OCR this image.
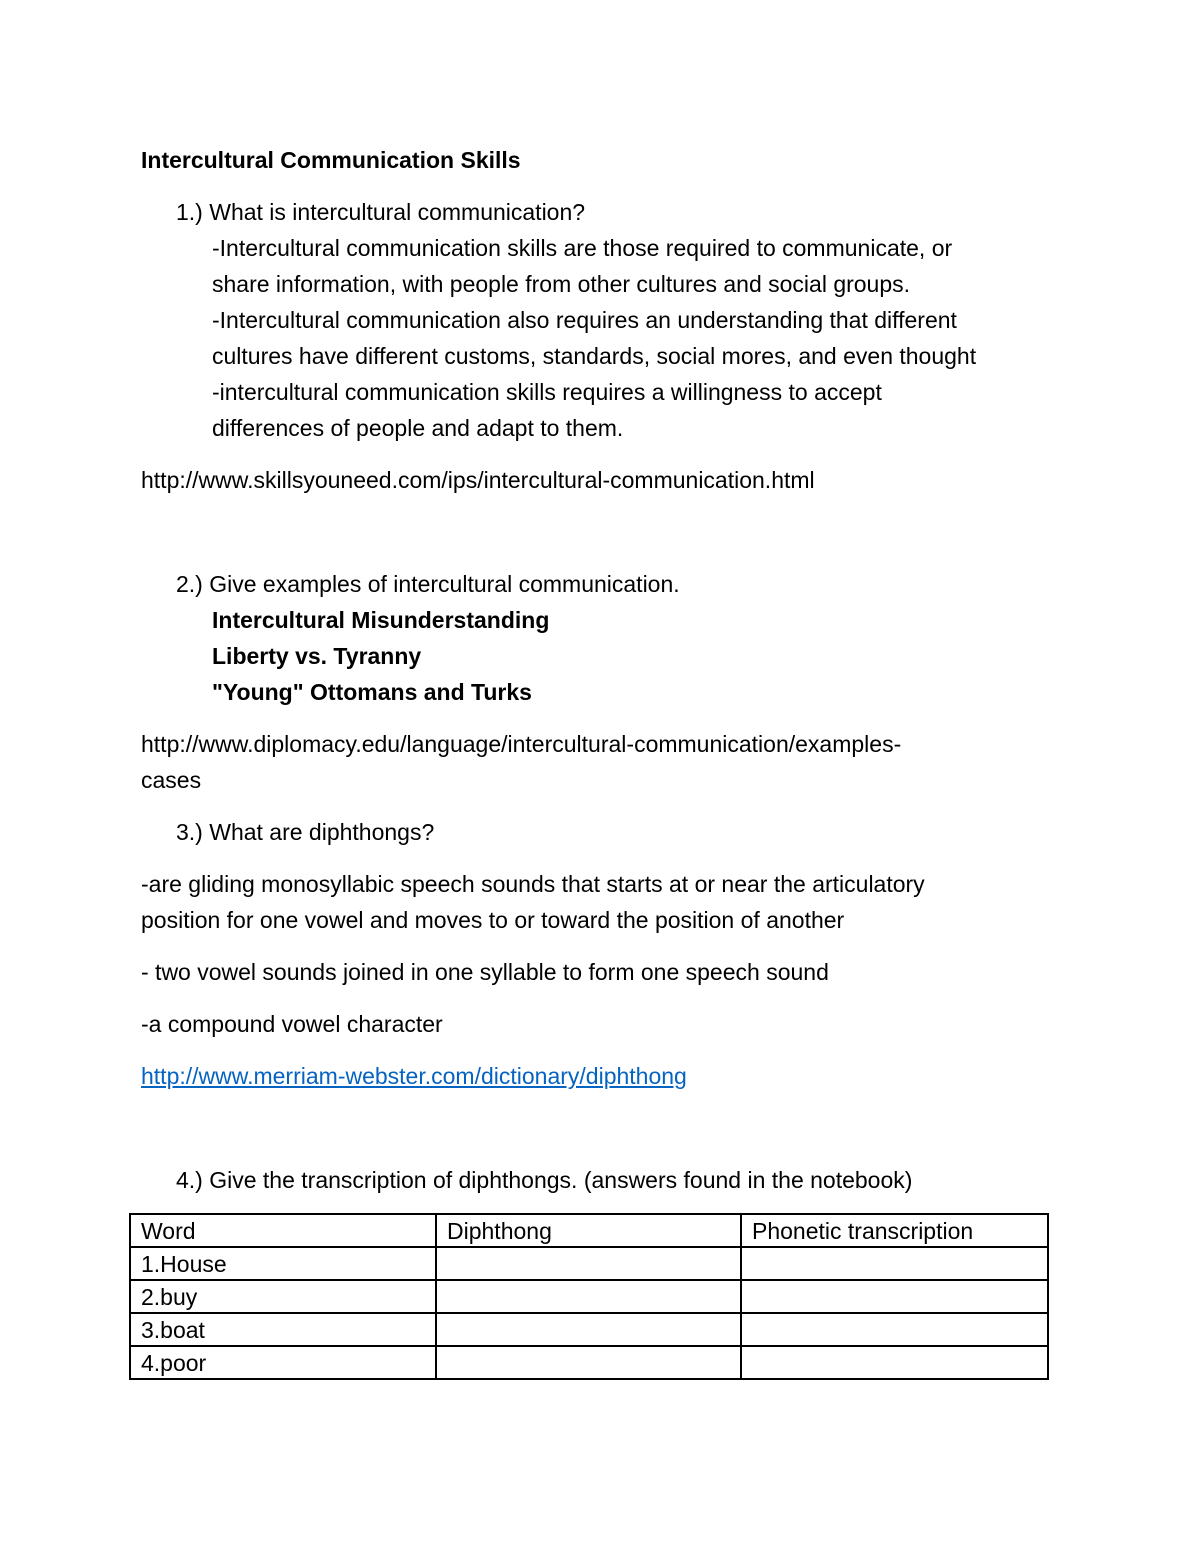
Intercultural Communication Skills
1.) What is intercultural communication?
-Intercultural communication skills are those required to communicate, or
share information, with people from other cultures and social groups.
-Intercultural communication also requires an understanding that different
cultures have different customs, standards, social mores, and even thought
-intercultural communication skills requires a willingness to accept
differences of people and adapt to them.
http://www.skillsyouneed.com/ips/intercultural-communication.html
2.) Give examples of intercultural communication.
Intercultural Misunderstanding
Liberty vs. Tyranny
"Young" Ottomans and Turks
http://www.diplomacy.edu/language/intercultural-communication/examples-
cases
3.) What are diphthongs?
-are gliding monosyllabic speech sounds that starts at or near the articulatory
position for one vowel and moves to or toward the position of another
- two vowel sounds joined in one syllable to form one speech sound
-a compound vowel character
http://www.merriam-webster.com/dictionary/diphthong
4.) Give the transcription of diphthongs. (answers found in the notebook)
Word	Diphthong	Phonetic transcription
1.House		
2.buy		
3.boat		
4.poor		
